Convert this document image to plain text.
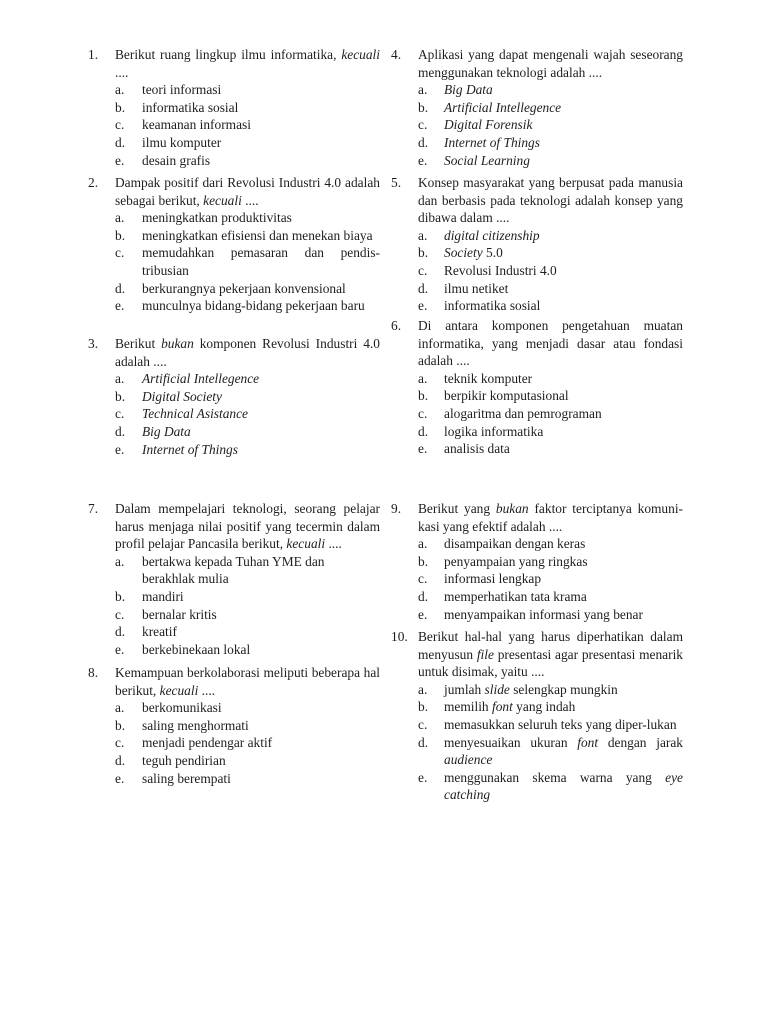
1.	Berikut ruang lingkup ilmu informatika, kecuali ....
a.	teori informasi
b.	informatika sosial
c.	keamanan informasi
d.	ilmu komputer
e.	desain grafis
2.	Dampak positif dari Revolusi Industri 4.0 adalah sebagai berikut, kecuali ....
a.	meningkatkan produktivitas
b.	meningkatkan efisiensi dan menekan biaya
c.	memudahkan pemasaran dan pendis-tribusian
d.	berkurangnya pekerjaan konvensional
e.	munculnya bidang-bidang pekerjaan baru
3.	Berikut bukan komponen Revolusi Industri 4.0 adalah ....
a.	Artificial Intellegence
b.	Digital Society
c.	Technical Asistance
d.	Big Data
e.	Internet of Things
4.	Aplikasi yang dapat mengenali wajah seseorang menggunakan teknologi adalah ....
a.	Big Data
b.	Artificial Intellegence
c.	Digital Forensik
d.	Internet of Things
e.	Social Learning
5.	Konsep masyarakat yang berpusat pada manusia dan berbasis pada teknologi adalah konsep yang dibawa dalam ....
a.	digital citizenship
b.	Society 5.0
c.	Revolusi Industri 4.0
d.	ilmu netiket
e.	informatika sosial
6.	Di antara komponen pengetahuan muatan informatika, yang menjadi dasar atau fondasi adalah ....
a.	teknik komputer
b.	berpikir komputasional
c.	alogaritma dan pemrograman
d.	logika informatika
e.	analisis data
7.	Dalam mempelajari teknologi, seorang pelajar harus menjaga nilai positif yang tecermin dalam profil pelajar Pancasila berikut, kecuali ....
a.	bertakwa kepada Tuhan YME dan berakhlak mulia
b.	mandiri
c.	bernalar kritis
d.	kreatif
e.	berkebinekaan lokal
8.	Kemampuan berkolaborasi meliputi beberapa hal berikut, kecuali ....
a.	berkomunikasi
b.	saling menghormati
c.	menjadi pendengar aktif
d.	teguh pendirian
e.	saling berempati
9.	Berikut yang bukan faktor terciptanya komuni-kasi yang efektif adalah ....
a.	disampaikan dengan keras
b.	penyampaian yang ringkas
c.	informasi lengkap
d.	memperhatikan tata krama
e.	menyampaikan informasi yang benar
10. Berikut hal-hal yang harus diperhatikan dalam menyusun file presentasi agar presentasi menarik untuk disimak, yaitu ....
a.	jumlah slide selengkap mungkin
b.	memilih font yang indah
c.	memasukkan seluruh teks yang diper-lukan
d.	menyesuaikan ukuran font dengan jarak audience
e.	menggunakan skema warna yang eye catching
